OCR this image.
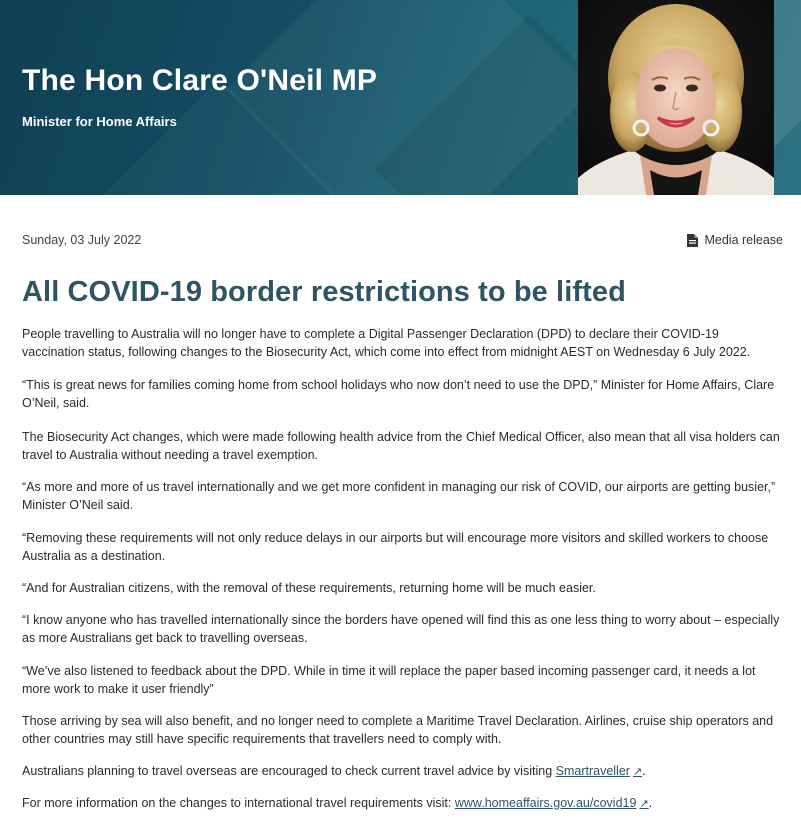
The Hon Clare O'Neil MP
Minister for Home Affairs
Sunday, 03 July 2022	Media release
All COVID-19 border restrictions to be lifted

People travelling to Australia will no longer have to complete a Digital Passenger Declaration (DPD) to declare their COVID-19 vaccination status, following changes to the Biosecurity Act, which come into effect from midnight AEST on Wednesday 6 July 2022.

“This is great news for families coming home from school holidays who now don’t need to use the DPD,” Minister for Home Affairs, Clare O’Neil, said.

The Biosecurity Act changes, which were made following health advice from the Chief Medical Officer, also mean that all visa holders can travel to Australia without needing a travel exemption.

“As more and more of us travel internationally and we get more confident in managing our risk of COVID, our airports are getting busier,” Minister O’Neil said.

“Removing these requirements will not only reduce delays in our airports but will encourage more visitors and skilled workers to choose Australia as a destination.

“And for Australian citizens, with the removal of these requirements, returning home will be much easier.

“I know anyone who has travelled internationally since the borders have opened will find this as one less thing to worry about – especially as more Australians get back to travelling overseas.

“We’ve also listened to feedback about the DPD. While in time it will replace the paper based incoming passenger card, it needs a lot more work to make it user friendly”

Those arriving by sea will also benefit, and no longer need to complete a Maritime Travel Declaration. Airlines, cruise ship operators and other countries may still have specific requirements that travellers need to comply with.

Australians planning to travel overseas are encouraged to check current travel advice by visiting Smartraveller ↗.

For more information on the changes to international travel requirements visit: www.homeaffairs.gov.au/covid19 ↗.
